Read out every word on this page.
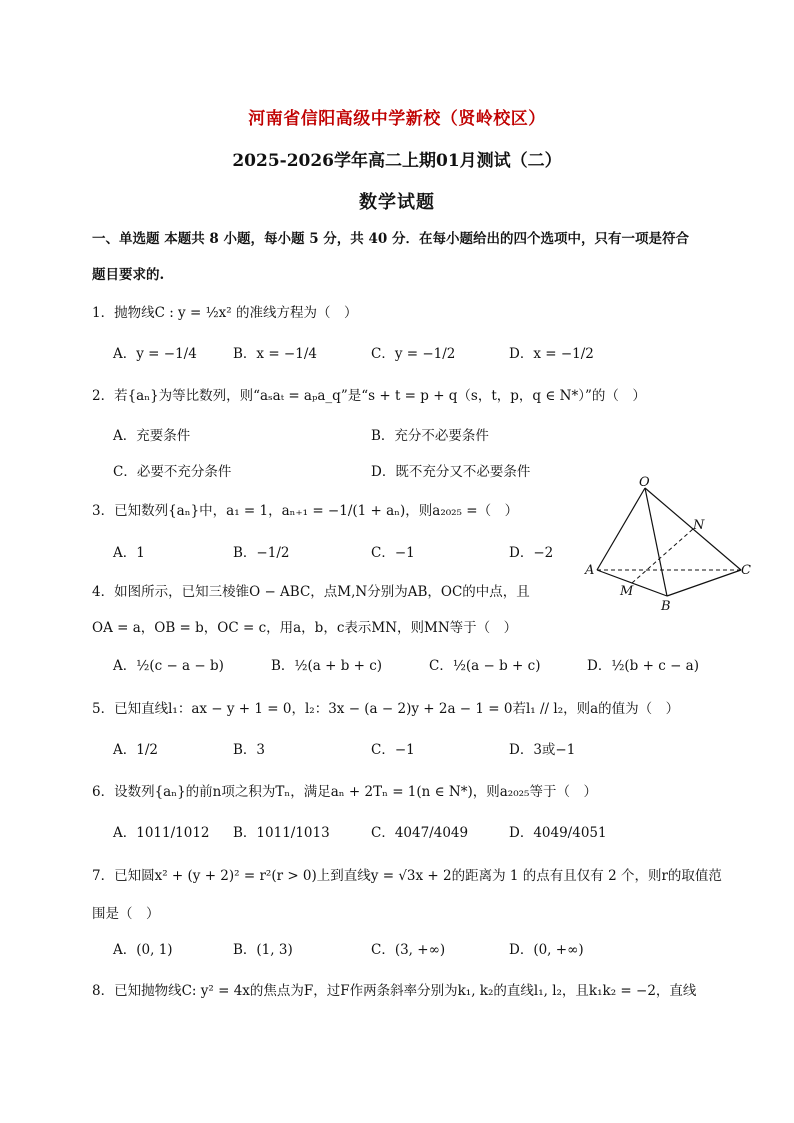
河南省信阳高级中学新校（贤岭校区）
2025-2026学年高二上期01月测试（二）
数学试题
一、单选题 本题共 8 小题，每小题 5 分，共 40 分．在每小题给出的四个选项中，只有一项是符合
题目要求的.
1．抛物线C : y = ½x² 的准线方程为（　）
A．y = −1/4	B．x = −1/4	C．y = −1/2	D．x = −1/2
2．若{aₙ}为等比数列，则“aₛaₜ = aₚa_q”是“s + t = p + q（s，t，p，q ∈ N*）”的（　）
A．充要条件	B．充分不必要条件
C．必要不充分条件	D．既不充分又不必要条件
3．已知数列{aₙ}中，a₁ = 1，aₙ₊₁ = −1/(1 + aₙ)，则a₂₀₂₅ =（　）
A．1	B．−1/2	C．−1	D．−2
O
N
A	C
M
B
4．如图所示，已知三棱锥O − ABC，点M,N分别为AB，OC的中点，且
OA = a，OB = b，OC = c，用a，b，c表示MN，则MN等于（　）
A．½(c − a − b)	B．½(a + b + c)	C．½(a − b + c)	D．½(b + c − a)
5．已知直线l₁：ax − y + 1 = 0，l₂：3x − (a − 2)y + 2a − 1 = 0若l₁ // l₂，则a的值为（　）
A．1/2	B．3	C．−1	D．3或−1
6．设数列{aₙ}的前n项之积为Tₙ，满足aₙ + 2Tₙ = 1(n ∈ N*)，则a₂₀₂₅等于（　）
A．1011/1012 B．1011/1013	C．4047/4049	D．4049/4051
7．已知圆x² + (y + 2)² = r²(r > 0)上到直线y = √3x + 2的距离为 1 的点有且仅有 2 个，则r的取值范
围是（　）
A．(0, 1)	B．(1, 3)	C．(3, +∞)	D．(0, +∞)
8．已知抛物线C: y² = 4x的焦点为F，过F作两条斜率分别为k₁, k₂的直线l₁, l₂，且k₁k₂ = −2，直线
